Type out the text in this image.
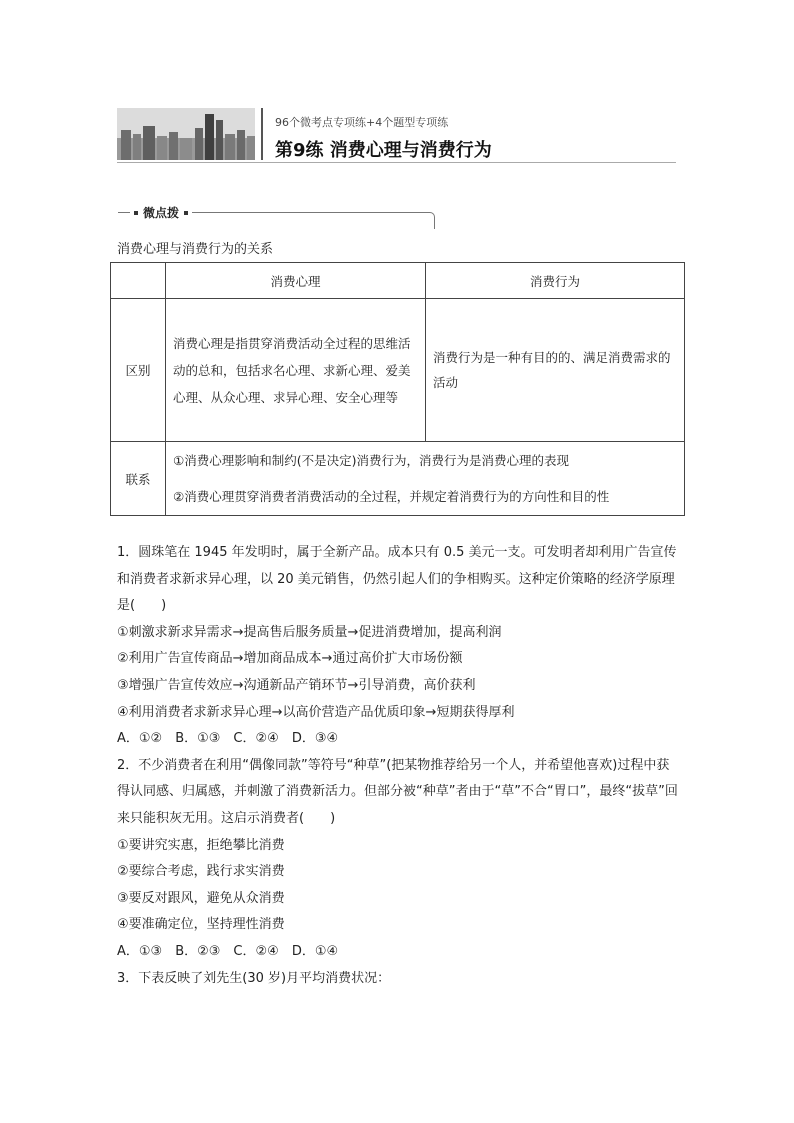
96个微考点专项练+4个题型专项练
第9练 消费心理与消费行为
微点拨
消费心理与消费行为的关系
	消费心理	消费行为
区别	消费心理是指贯穿消费活动全过程的思维活动的总和，包括求名心理、求新心理、爱美心理、从众心理、求异心理、安全心理等	消费行为是一种有目的的、满足消费需求的活动
联系	①消费心理影响和制约(不是决定)消费行为，消费行为是消费心理的表现
②消费心理贯穿消费者消费活动的全过程，并规定着消费行为的方向性和目的性	

1．圆珠笔在 1945 年发明时，属于全新产品。成本只有 0.5 美元一支。可发明者却利用广告宣传和消费者求新求异心理，以 20 美元销售，仍然引起人们的争相购买。这种定价策略的经济学原理是(　　)

①刺激求新求异需求→提高售后服务质量→促进消费增加，提高利润

②利用广告宣传商品→增加商品成本→通过高价扩大市场份额

③增强广告宣传效应→沟通新品产销环节→引导消费，高价获利

④利用消费者求新求异心理→以高价营造产品优质印象→短期获得厚利

A．①②　B．①③　C．②④　D．③④

2．不少消费者在利用“偶像同款”等符号“种草”(把某物推荐给另一个人，并希望他喜欢)过程中获得认同感、归属感，并刺激了消费新活力。但部分被“种草”者由于“草”不合“胃口”，最终“拔草”回来只能积灰无用。这启示消费者(　　)

①要讲究实惠，拒绝攀比消费

②要综合考虑，践行求实消费

③要反对跟风，避免从众消费

④要准确定位，坚持理性消费

A．①③　B．②③　C．②④　D．①④

3．下表反映了刘先生(30 岁)月平均消费状况：
